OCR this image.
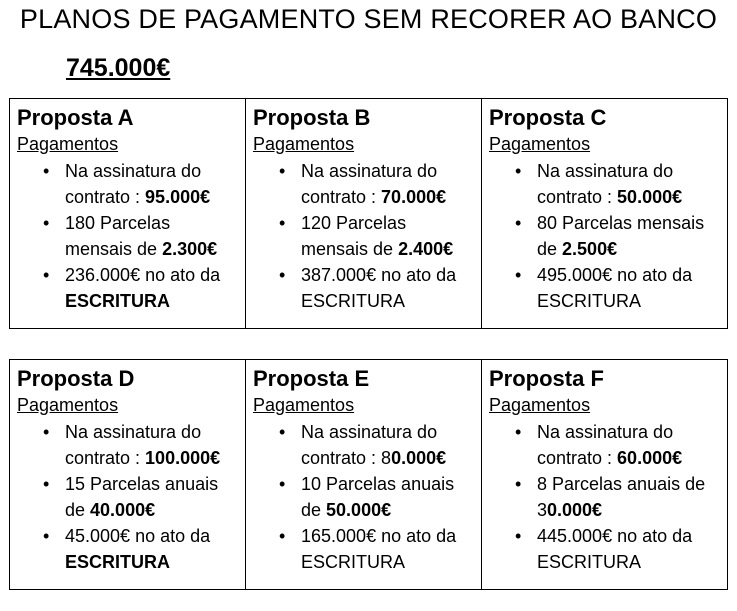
PLANOS DE PAGAMENTO SEM RECORER AO BANCO
745.000€
Proposta A
Pagamentos
• Na assinatura do contrato : 95.000€
• 180 Parcelas mensais de 2.300€
• 236.000€ no ato da ESCRITURA
Proposta B
Pagamentos
• Na assinatura do contrato : 70.000€
• 120 Parcelas mensais de 2.400€
• 387.000€ no ato da ESCRITURA
Proposta C
Pagamentos
• Na assinatura do contrato : 50.000€
• 80 Parcelas mensais de 2.500€
• 495.000€ no ato da ESCRITURA
Proposta D
Pagamentos
• Na assinatura do contrato : 100.000€
• 15 Parcelas anuais de 40.000€
• 45.000€ no ato da ESCRITURA
Proposta E
Pagamentos
• Na assinatura do contrato : 80.000€
• 10 Parcelas anuais de 50.000€
• 165.000€ no ato da ESCRITURA
Proposta F
Pagamentos
• Na assinatura do contrato : 60.000€
• 8 Parcelas anuais de 30.000€
• 445.000€ no ato da ESCRITURA
